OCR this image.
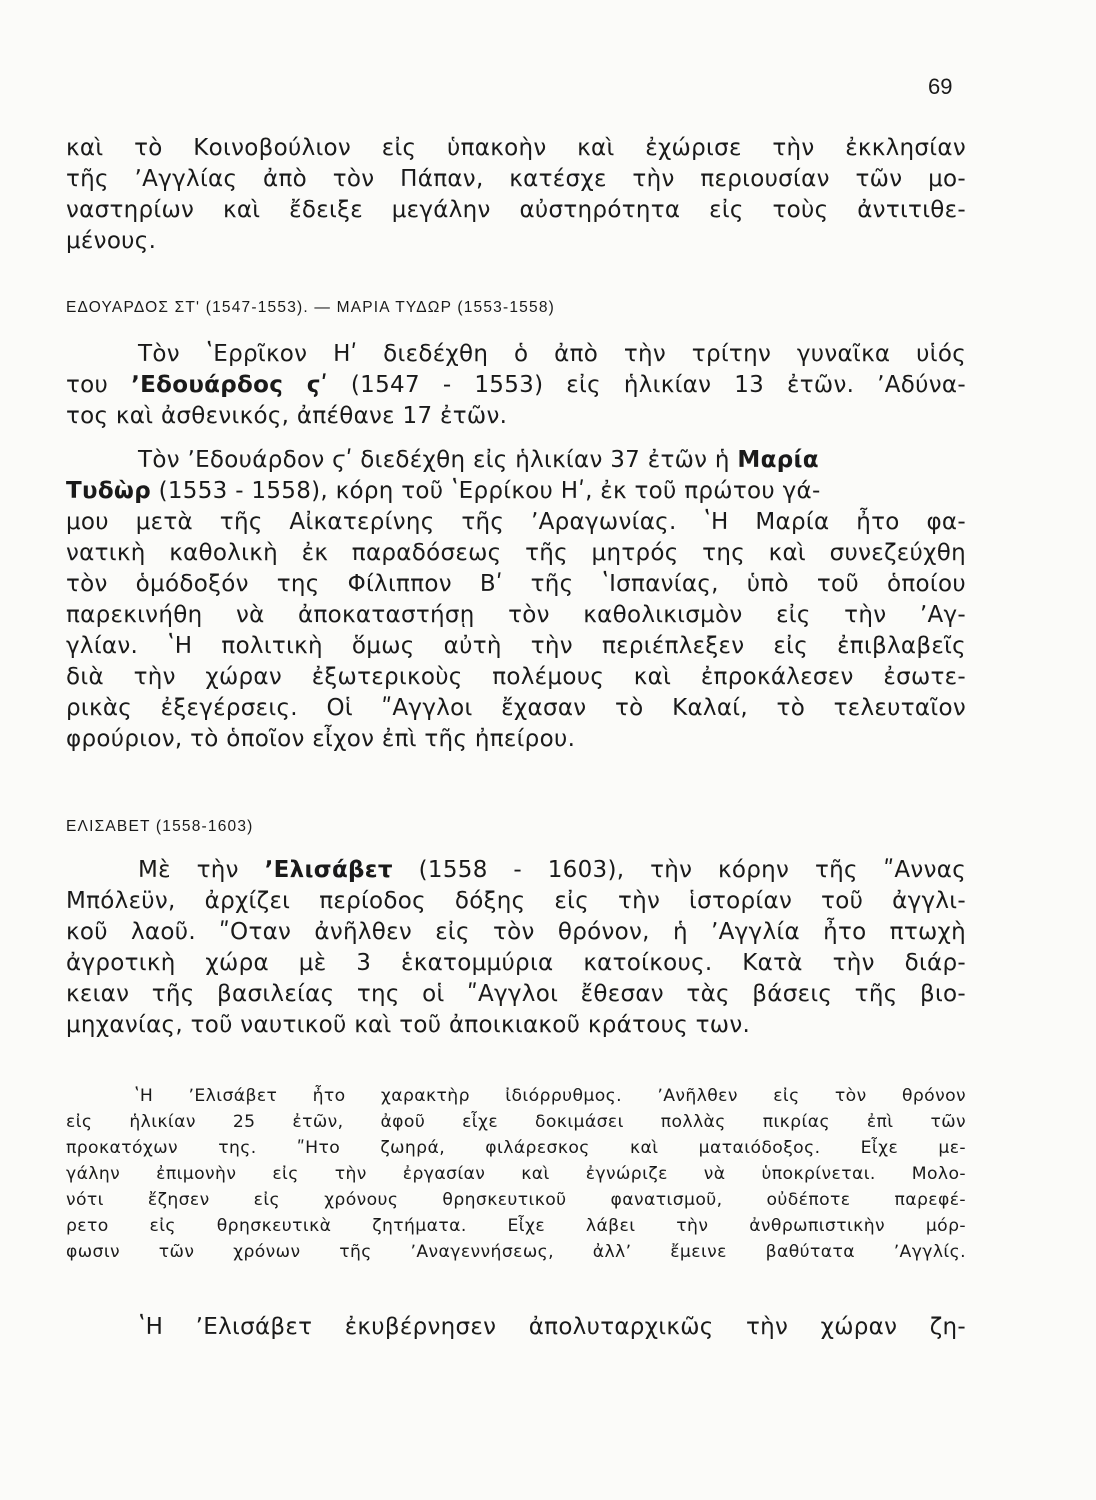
69
καὶ τὸ Κοινοβούλιον εἰς ὑπακοὴν καὶ ἐχώρισε τὴν ἐκκλησίαν
τῆς ʼΑγγλίας ἀπὸ τὸν Πάπαν, κατέσχε τὴν περιουσίαν τῶν μο-
ναστηρίων καὶ ἔδειξε μεγάλην αὐστηρότητα εἰς τοὺς ἀντιτιθε-
μένους.
ΕΔΟΥΑΡΔΟΣ ΣΤʹ (1547-1553). — ΜΑΡΙΑ ΤΥΔΩΡ (1553-1558)
Τὸν ʽΕρρῖκον Ηʹ διεδέχθη ὁ ἀπὸ τὴν τρίτην γυναῖκα υἱός
του ʼΕδουάρδος ϛʹ (1547 - 1553) εἰς ἡλικίαν 13 ἐτῶν. ʼΑδύνα-
τος καὶ ἀσθενικός, ἀπέθανε 17 ἐτῶν.
Τὸν ʼΕδουάρδον ϛʹ διεδέχθη εἰς ἡλικίαν 37 ἐτῶν ἡ Μαρία
Τυδὼρ (1553 - 1558), κόρη τοῦ ʽΕρρίκου Ηʹ, ἐκ τοῦ πρώτου γά-
μου μετὰ τῆς Αἰκατερίνης τῆς ʼΑραγωνίας. ʽΗ Μαρία ἦτο φα-
νατικὴ καθολικὴ ἐκ παραδόσεως τῆς μητρός της καὶ συνεζεύχθη
τὸν ὁμόδοξόν της Φίλιππον Βʹ τῆς ʽΙσπανίας, ὑπὸ τοῦ ὁποίου
παρεκινήθη νὰ ἀποκαταστήσῃ τὸν καθολικισμὸν εἰς τὴν ʼΑγ-
γλίαν. ʽΗ πολιτικὴ ὅμως αὐτὴ τὴν περιέπλεξεν εἰς ἐπιβλαβεῖς
διὰ τὴν χώραν ἐξωτερικοὺς πολέμους καὶ ἐπροκάλεσεν ἐσωτε-
ρικὰς ἐξεγέρσεις. Οἱ ʺΑγγλοι ἔχασαν τὸ Καλαί, τὸ τελευταῖον
φρούριον, τὸ ὁποῖον εἶχον ἐπὶ τῆς ἠπείρου.
ΕΛΙΣΑΒΕΤ (1558-1603)
Μὲ τὴν ʼΕλισάβετ (1558 - 1603), τὴν κόρην τῆς ʺΑννας
Μπόλεϋν, ἀρχίζει περίοδος δόξης εἰς τὴν ἱστορίαν τοῦ ἀγγλι-
κοῦ λαοῦ. ʺΟταν ἀνῆλθεν εἰς τὸν θρόνον, ἡ ʼΑγγλία ἦτο πτωχὴ
ἀγροτικὴ χώρα μὲ 3 ἑκατομμύρια κατοίκους. Κατὰ τὴν διάρ-
κειαν τῆς βασιλείας της οἱ ʺΑγγλοι ἔθεσαν τὰς βάσεις τῆς βιο-
μηχανίας, τοῦ ναυτικοῦ καὶ τοῦ ἀποικιακοῦ κράτους των.
ʽΗ ʼΕλισάβετ ἦτο χαρακτὴρ ἰδιόρρυθμος. ʼΑνῆλθεν εἰς τὸν θρόνον
εἰς ἡλικίαν 25 ἐτῶν, ἀφοῦ εἶχε δοκιμάσει πολλὰς πικρίας ἐπὶ τῶν
προκατόχων της. ʺΗτο ζωηρά, φιλάρεσκος καὶ ματαιόδοξος. Εἶχε με-
γάλην ἐπιμονὴν εἰς τὴν ἐργασίαν καὶ ἐγνώριζε νὰ ὑποκρίνεται. Μολο-
νότι ἔζησεν εἰς χρόνους θρησκευτικοῦ φανατισμοῦ, οὐδέποτε παρεφέ-
ρετο εἰς θρησκευτικὰ ζητήματα. Εἶχε λάβει τὴν ἀνθρωπιστικὴν μόρ-
φωσιν τῶν χρόνων τῆς ʼΑναγεννήσεως, ἀλλʼ ἔμεινε βαθύτατα ʼΑγγλίς.
ʽΗ ʼΕλισάβετ ἐκυβέρνησεν ἀπολυταρχικῶς τὴν χώραν ζη-
